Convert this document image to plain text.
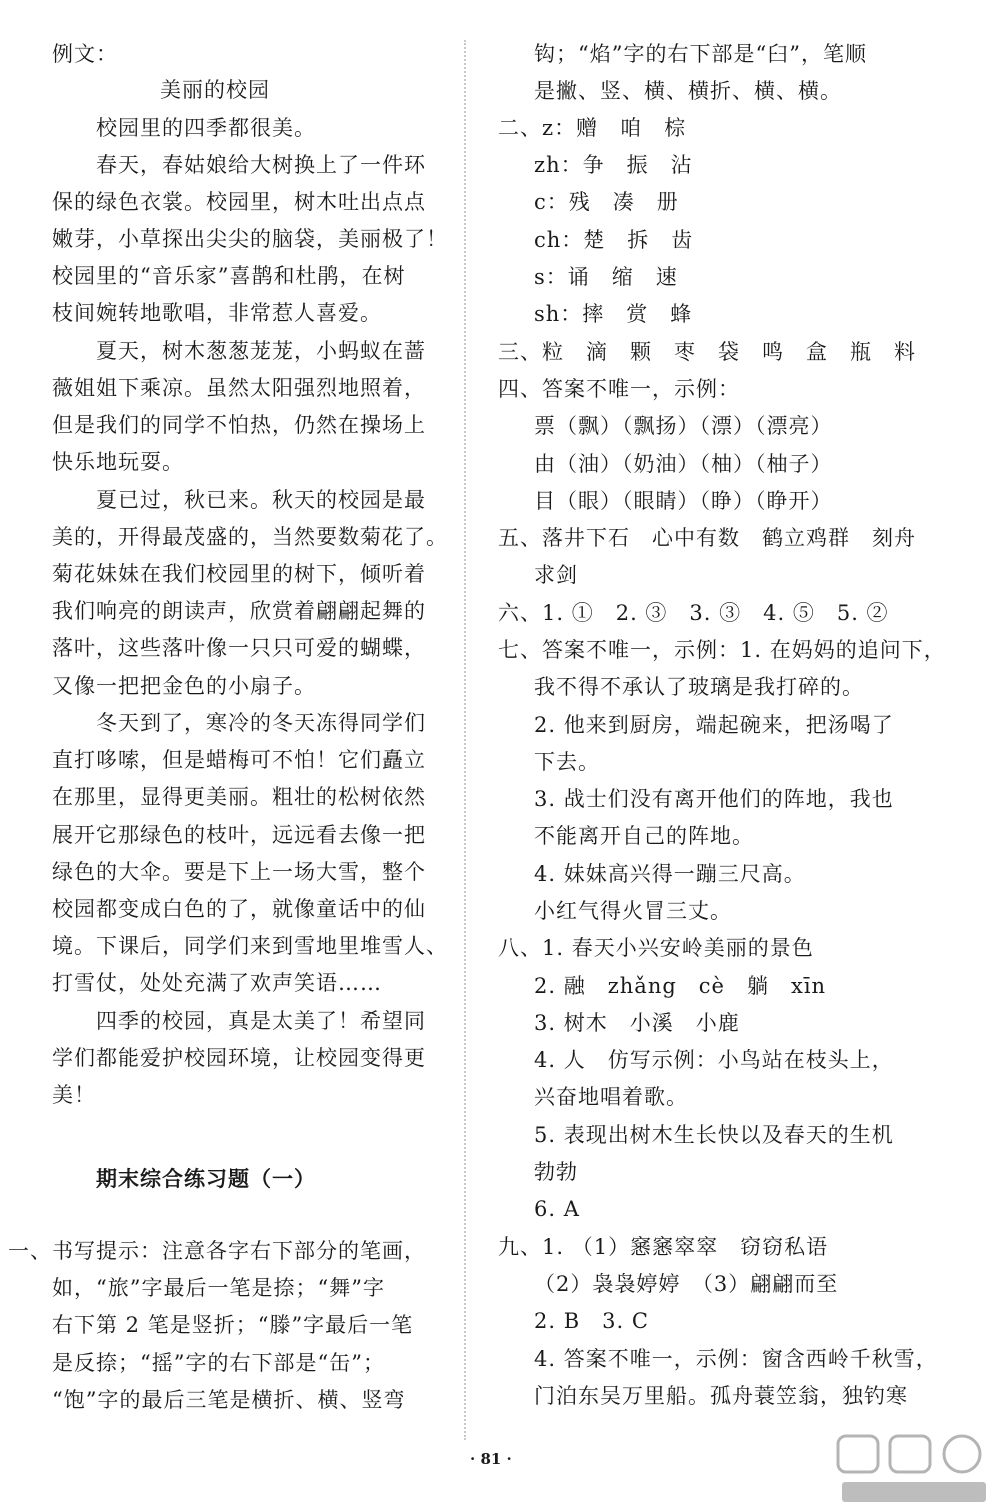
例文：
美丽的校园
校园里的四季都很美。
春天，春姑娘给大树换上了一件环
保的绿色衣裳。校园里，树木吐出点点
嫩芽，小草探出尖尖的脑袋，美丽极了！
校园里的“音乐家”喜鹊和杜鹃，在树
枝间婉转地歌唱，非常惹人喜爱。
夏天，树木葱葱茏茏，小蚂蚁在蔷
薇姐姐下乘凉。虽然太阳强烈地照着，
但是我们的同学不怕热，仍然在操场上
快乐地玩耍。
夏已过，秋已来。秋天的校园是最
美的，开得最茂盛的，当然要数菊花了。
菊花妹妹在我们校园里的树下，倾听着
我们响亮的朗读声，欣赏着翩翩起舞的
落叶，这些落叶像一只只可爱的蝴蝶，
又像一把把金色的小扇子。
冬天到了，寒冷的冬天冻得同学们
直打哆嗦，但是蜡梅可不怕！它们矗立
在那里，显得更美丽。粗壮的松树依然
展开它那绿色的枝叶，远远看去像一把
绿色的大伞。要是下上一场大雪，整个
校园都变成白色的了，就像童话中的仙
境。下课后，同学们来到雪地里堆雪人、
打雪仗，处处充满了欢声笑语……
四季的校园，真是太美了！希望同
学们都能爱护校园环境，让校园变得更
美！
期末综合练习题（一）
一、书写提示：注意各字右下部分的笔画，
如，“旅”字最后一笔是捺；“舞”字
右下第 2 笔是竖折；“滕”字最后一笔
是反捺；“摇”字的右下部是“缶”；
“饱”字的最后三笔是横折、横、竖弯
钩；“焰”字的右下部是“臼”，笔顺
是撇、竖、横、横折、横、横。
二、z：赠　咱　棕
zh：争　振　沾
c：残　凑　册
ch：楚　拆　齿
s：诵　缩　速
sh：摔　赏　蜂
三、粒　滴　颗　枣　袋　鸣　盒　瓶　料
四、答案不唯一，示例：
票（飘）（飘扬）（漂）（漂亮）
由（油）（奶油）（柚）（柚子）
目（眼）（眼睛）（睁）（睁开）
五、落井下石　心中有数　鹤立鸡群　刻舟
求剑
六、1. ①　2. ③　3. ③　4. ⑤　5. ②
七、答案不唯一，示例：1. 在妈妈的追问下，
我不得不承认了玻璃是我打碎的。
2. 他来到厨房，端起碗来，把汤喝了
下去。
3. 战士们没有离开他们的阵地，我也
不能离开自己的阵地。
4. 妹妹高兴得一蹦三尺高。
小红气得火冒三丈。
八、1. 春天小兴安岭美丽的景色
2. 融　zhǎng　cè　躺　xīn
3. 树木　小溪　小鹿
4. 人　仿写示例：小鸟站在枝头上，
兴奋地唱着歌。
5. 表现出树木生长快以及春天的生机
勃勃
6. A
九、1. （1）窸窸窣窣　窃窃私语
（2）袅袅婷婷　（3）翩翩而至
2. B　3. C
4. 答案不唯一，示例：窗含西岭千秋雪，
门泊东吴万里船。孤舟蓑笠翁，独钓寒
· 81 ·
